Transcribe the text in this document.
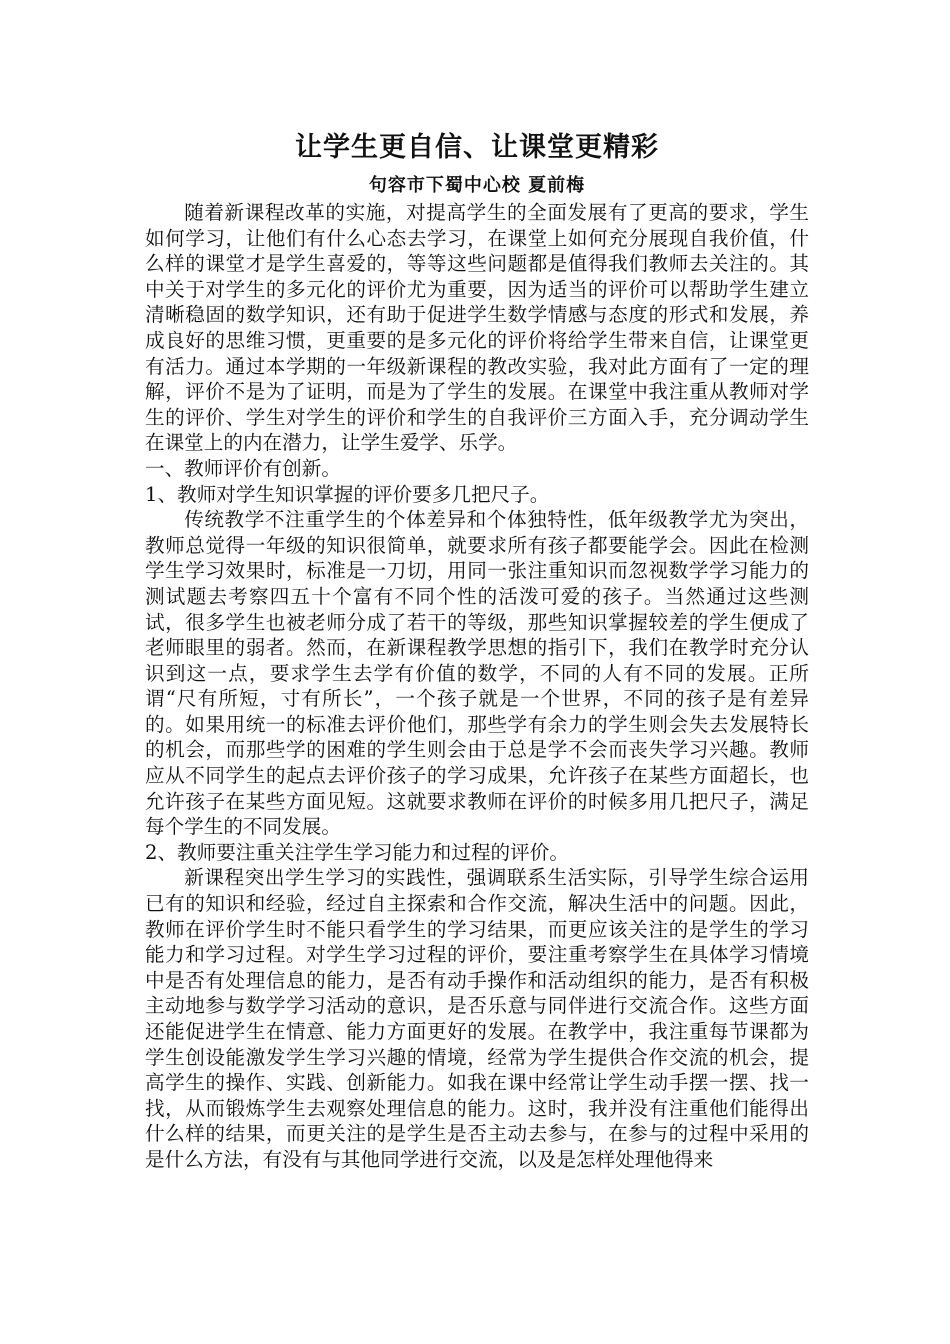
让学生更自信、让课堂更精彩
句容市下蜀中心校 夏前梅

随着新课程改革的实施，对提高学生的全面发展有了更高的要求，学生如何学习，让他们有什么心态去学习，在课堂上如何充分展现自我价值，什么样的课堂才是学生喜爱的，等等这些问题都是值得我们教师去关注的。其中关于对学生的多元化的评价尤为重要，因为适当的评价可以帮助学生建立清晰稳固的数学知识，还有助于促进学生数学情感与态度的形式和发展，养成良好的思维习惯，更重要的是多元化的评价将给学生带来自信，让课堂更有活力。通过本学期的一年级新课程的教改实验，我对此方面有了一定的理解，评价不是为了证明，而是为了学生的发展。在课堂中我注重从教师对学生的评价、学生对学生的评价和学生的自我评价三方面入手，充分调动学生在课堂上的内在潜力，让学生爱学、乐学。

一、教师评价有创新。

1、教师对学生知识掌握的评价要多几把尺子。

传统教学不注重学生的个体差异和个体独特性，低年级教学尤为突出，教师总觉得一年级的知识很简单，就要求所有孩子都要能学会。因此在检测学生学习效果时，标准是一刀切，用同一张注重知识而忽视数学学习能力的测试题去考察四五十个富有不同个性的活泼可爱的孩子。当然通过这些测试，很多学生也被老师分成了若干的等级，那些知识掌握较差的学生便成了老师眼里的弱者。然而，在新课程教学思想的指引下，我们在教学时充分认识到这一点，要求学生去学有价值的数学，不同的人有不同的发展。正所谓“尺有所短，寸有所长”，一个孩子就是一个世界，不同的孩子是有差异的。如果用统一的标准去评价他们，那些学有余力的学生则会失去发展特长的机会，而那些学的困难的学生则会由于总是学不会而丧失学习兴趣。教师应从不同学生的起点去评价孩子的学习成果，允许孩子在某些方面超长，也允许孩子在某些方面见短。这就要求教师在评价的时候多用几把尺子，满足每个学生的不同发展。

2、教师要注重关注学生学习能力和过程的评价。

新课程突出学生学习的实践性，强调联系生活实际，引导学生综合运用已有的知识和经验，经过自主探索和合作交流，解决生活中的问题。因此，教师在评价学生时不能只看学生的学习结果，而更应该关注的是学生的学习能力和学习过程。对学生学习过程的评价，要注重考察学生在具体学习情境中是否有处理信息的能力，是否有动手操作和活动组织的能力，是否有积极主动地参与数学学习活动的意识，是否乐意与同伴进行交流合作。这些方面还能促进学生在情意、能力方面更好的发展。在教学中，我注重每节课都为学生创设能激发学生学习兴趣的情境，经常为学生提供合作交流的机会，提高学生的操作、实践、创新能力。如我在课中经常让学生动手摆一摆、找一找，从而锻炼学生去观察处理信息的能力。这时，我并没有注重他们能得出什么样的结果，而更关注的是学生是否主动去参与，在参与的过程中采用的是什么方法，有没有与其他同学进行交流，以及是怎样处理他得来
